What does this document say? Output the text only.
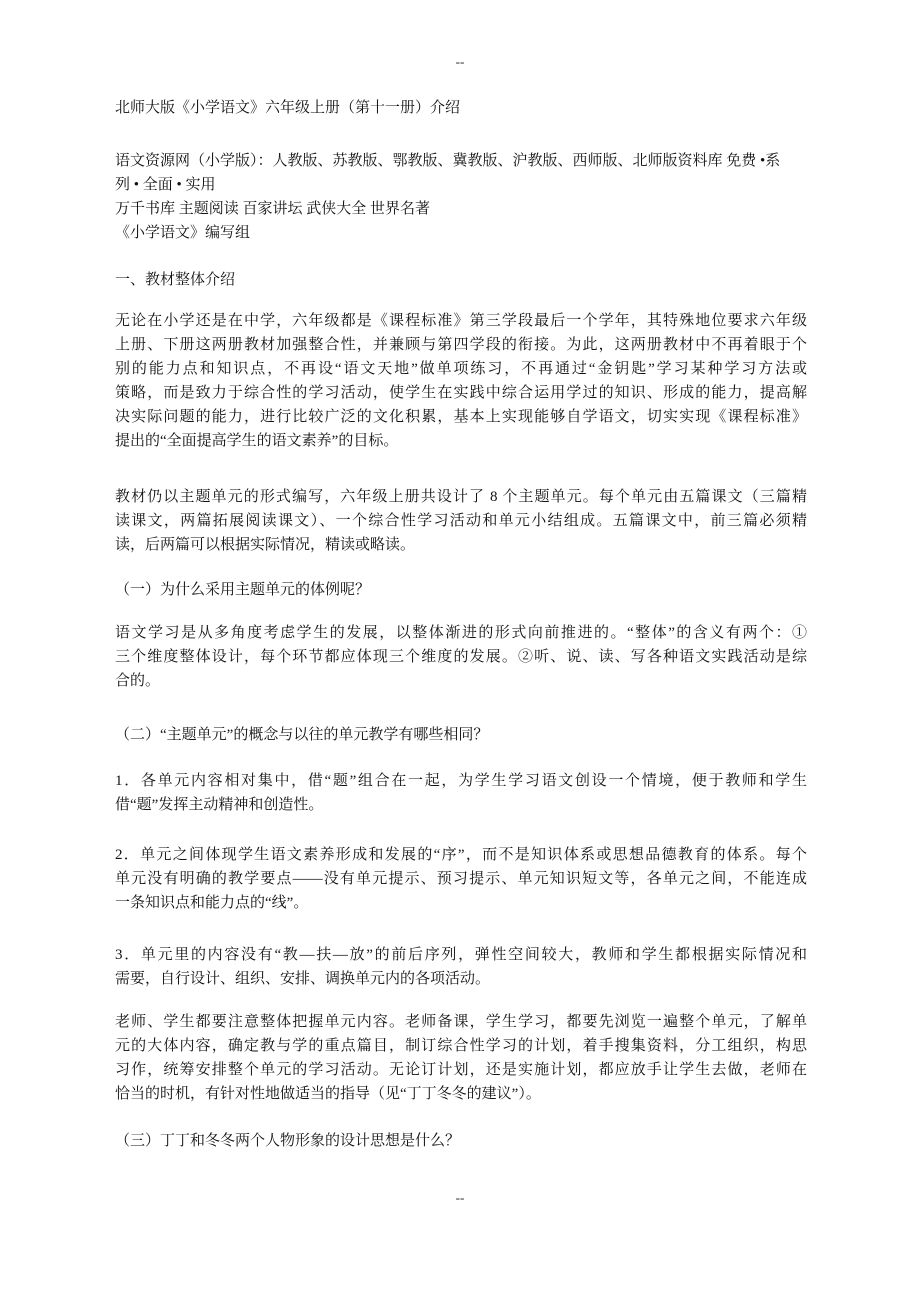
--
北师大版《小学语文》六年级上册（第十一册）介绍
语文资源网（小学版）：人教版、苏教版、鄂教版、冀教版、沪教版、西师版、北师版资料库 免费 •系
列 • 全面 • 实用
万千书库 主题阅读 百家讲坛 武侠大全 世界名著
《小学语文》编写组
一、教材整体介绍
无论在小学还是在中学，六年级都是《课程标准》第三学段最后一个学年，其特殊地位要求六年级
上册、下册这两册教材加强整合性，并兼顾与第四学段的衔接。为此，这两册教材中不再着眼于个
别的能力点和知识点，不再设“语文天地”做单项练习，不再通过“金钥匙”学习某种学习方法或
策略，而是致力于综合性的学习活动，使学生在实践中综合运用学过的知识、形成的能力，提高解
决实际问题的能力，进行比较广泛的文化积累，基本上实现能够自学语文，切实实现《课程标准》
提出的“全面提高学生的语文素养”的目标。
教材仍以主题单元的形式编写，六年级上册共设计了 8 个主题单元。每个单元由五篇课文（三篇精
读课文，两篇拓展阅读课文）、一个综合性学习活动和单元小结组成。五篇课文中，前三篇必须精
读，后两篇可以根据实际情况，精读或略读。
（一）为什么采用主题单元的体例呢？
语文学习是从多角度考虑学生的发展，以整体渐进的形式向前推进的。“整体”的含义有两个：①
三个维度整体设计，每个环节都应体现三个维度的发展。②听、说、读、写各种语文实践活动是综
合的。
（二）“主题单元”的概念与以往的单元教学有哪些相同？
1．各单元内容相对集中，借“题”组合在一起，为学生学习语文创设一个情境，便于教师和学生
借“题”发挥主动精神和创造性。
2．单元之间体现学生语文素养形成和发展的“序”，而不是知识体系或思想品德教育的体系。每个
单元没有明确的教学要点——没有单元提示、预习提示、单元知识短文等，各单元之间，不能连成
一条知识点和能力点的“线”。
3．单元里的内容没有“教—扶—放”的前后序列，弹性空间较大，教师和学生都根据实际情况和
需要，自行设计、组织、安排、调换单元内的各项活动。
老师、学生都要注意整体把握单元内容。老师备课，学生学习，都要先浏览一遍整个单元，了解单
元的大体内容，确定教与学的重点篇目，制订综合性学习的计划，着手搜集资料，分工组织，构思
习作，统筹安排整个单元的学习活动。无论订计划，还是实施计划，都应放手让学生去做，老师在
恰当的时机，有针对性地做适当的指导（见“丁丁冬冬的建议”）。
（三）丁丁和冬冬两个人物形象的设计思想是什么？
--
